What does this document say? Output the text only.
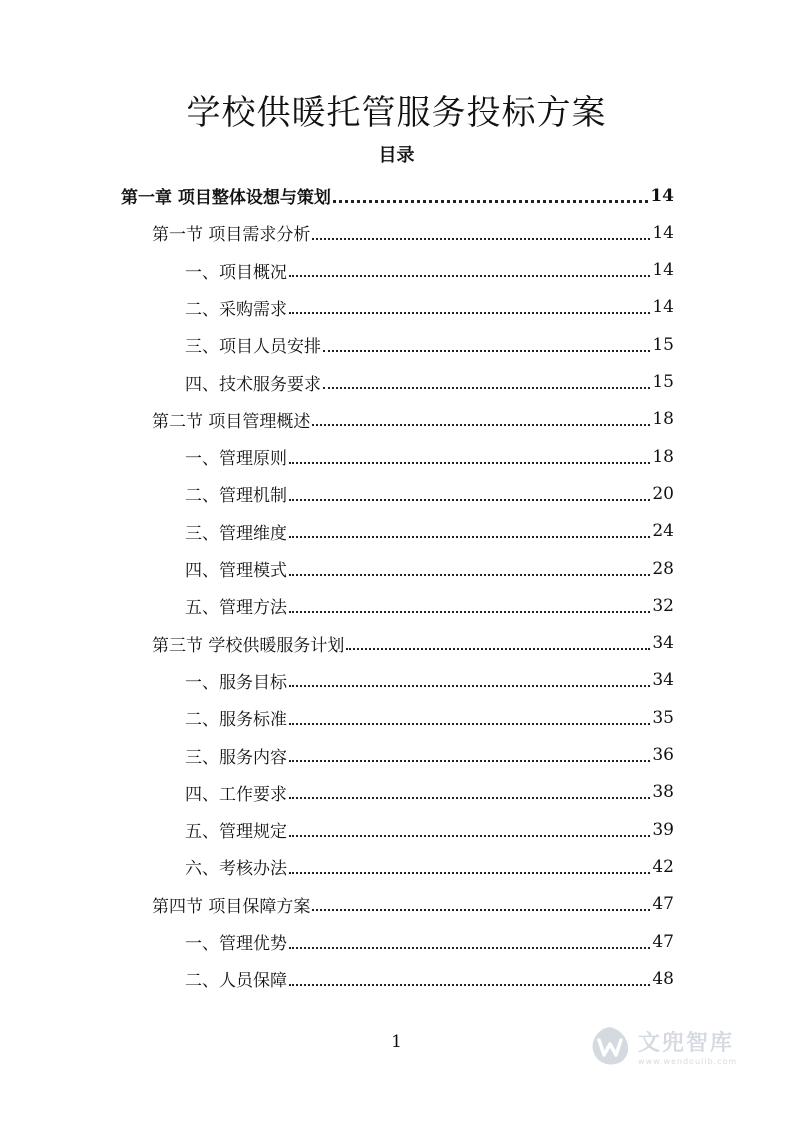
学校供暖托管服务投标方案
目录
第一章 项目整体设想与策划	14
第一节 项目需求分析	14
一、项目概况	14
二、采购需求	14
三、项目人员安排	15
四、技术服务要求	15
第二节 项目管理概述	18
一、管理原则	18
二、管理机制	20
三、管理维度	24
四、管理模式	28
五、管理方法	32
第三节 学校供暖服务计划	34
一、服务目标	34
二、服务标准	35
三、服务内容	36
四、工作要求	38
五、管理规定	39
六、考核办法	42
第四节 项目保障方案	47
一、管理优势	47
二、人员保障	48
1	文兜智库
www.wendoulib.com
